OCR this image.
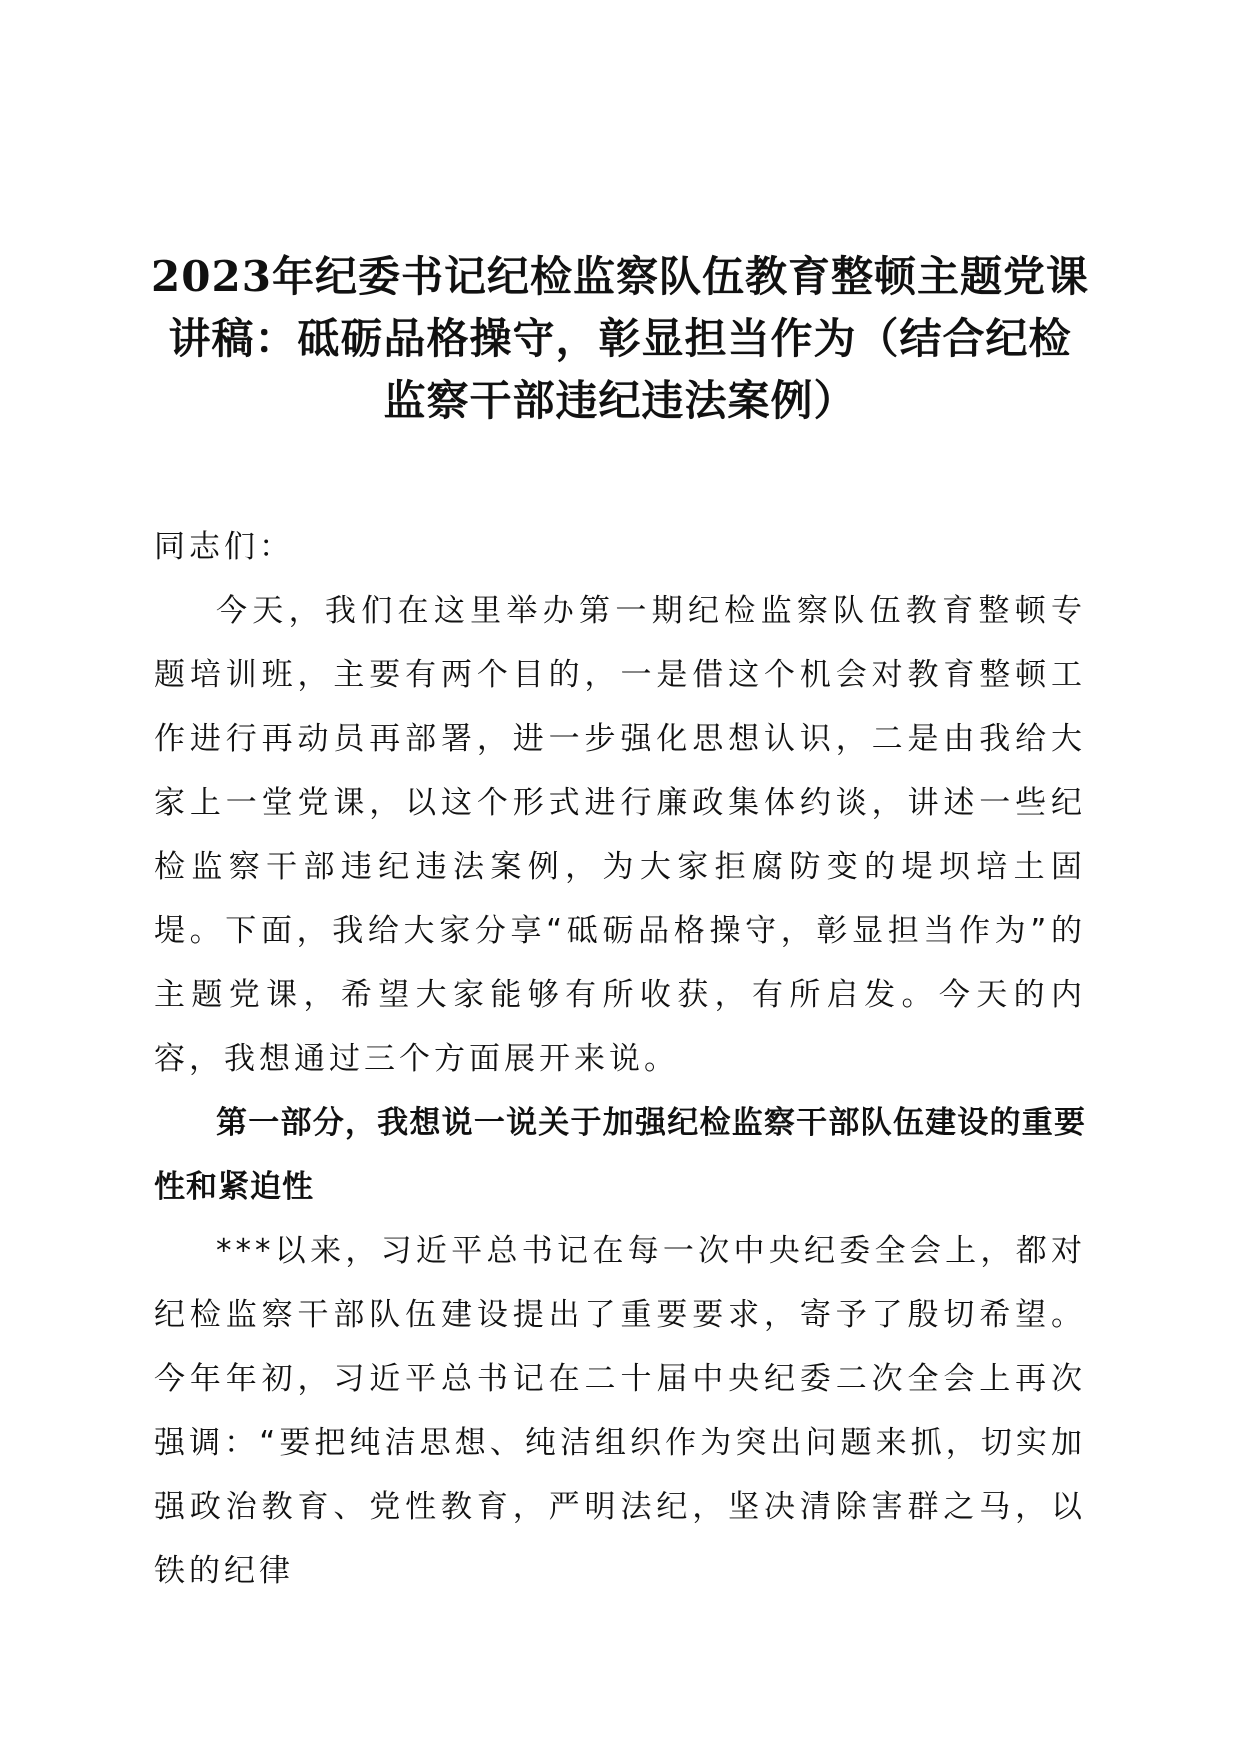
2023年纪委书记纪检监察队伍教育整顿主题党课讲稿：砥砺品格操守，彰显担当作为（结合纪检监察干部违纪违法案例）

同志们：

今天，我们在这里举办第一期纪检监察队伍教育整顿专题培训班，主要有两个目的，一是借这个机会对教育整顿工作进行再动员再部署，进一步强化思想认识，二是由我给大家上一堂党课，以这个形式进行廉政集体约谈，讲述一些纪检监察干部违纪违法案例，为大家拒腐防变的堤坝培土固堤。下面，我给大家分享“砥砺品格操守，彰显担当作为”的主题党课，希望大家能够有所收获，有所启发。今天的内容，我想通过三个方面展开来说。

第一部分，我想说一说关于加强纪检监察干部队伍建设的重要性和紧迫性

***以来，习近平总书记在每一次中央纪委全会上，都对纪检监察干部队伍建设提出了重要要求，寄予了殷切希望。今年年初，习近平总书记在二十届中央纪委二次全会上再次强调：“要把纯洁思想、纯洁组织作为突出问题来抓，切实加强政治教育、党性教育，严明法纪，坚决清除害群之马，以铁的纪律
